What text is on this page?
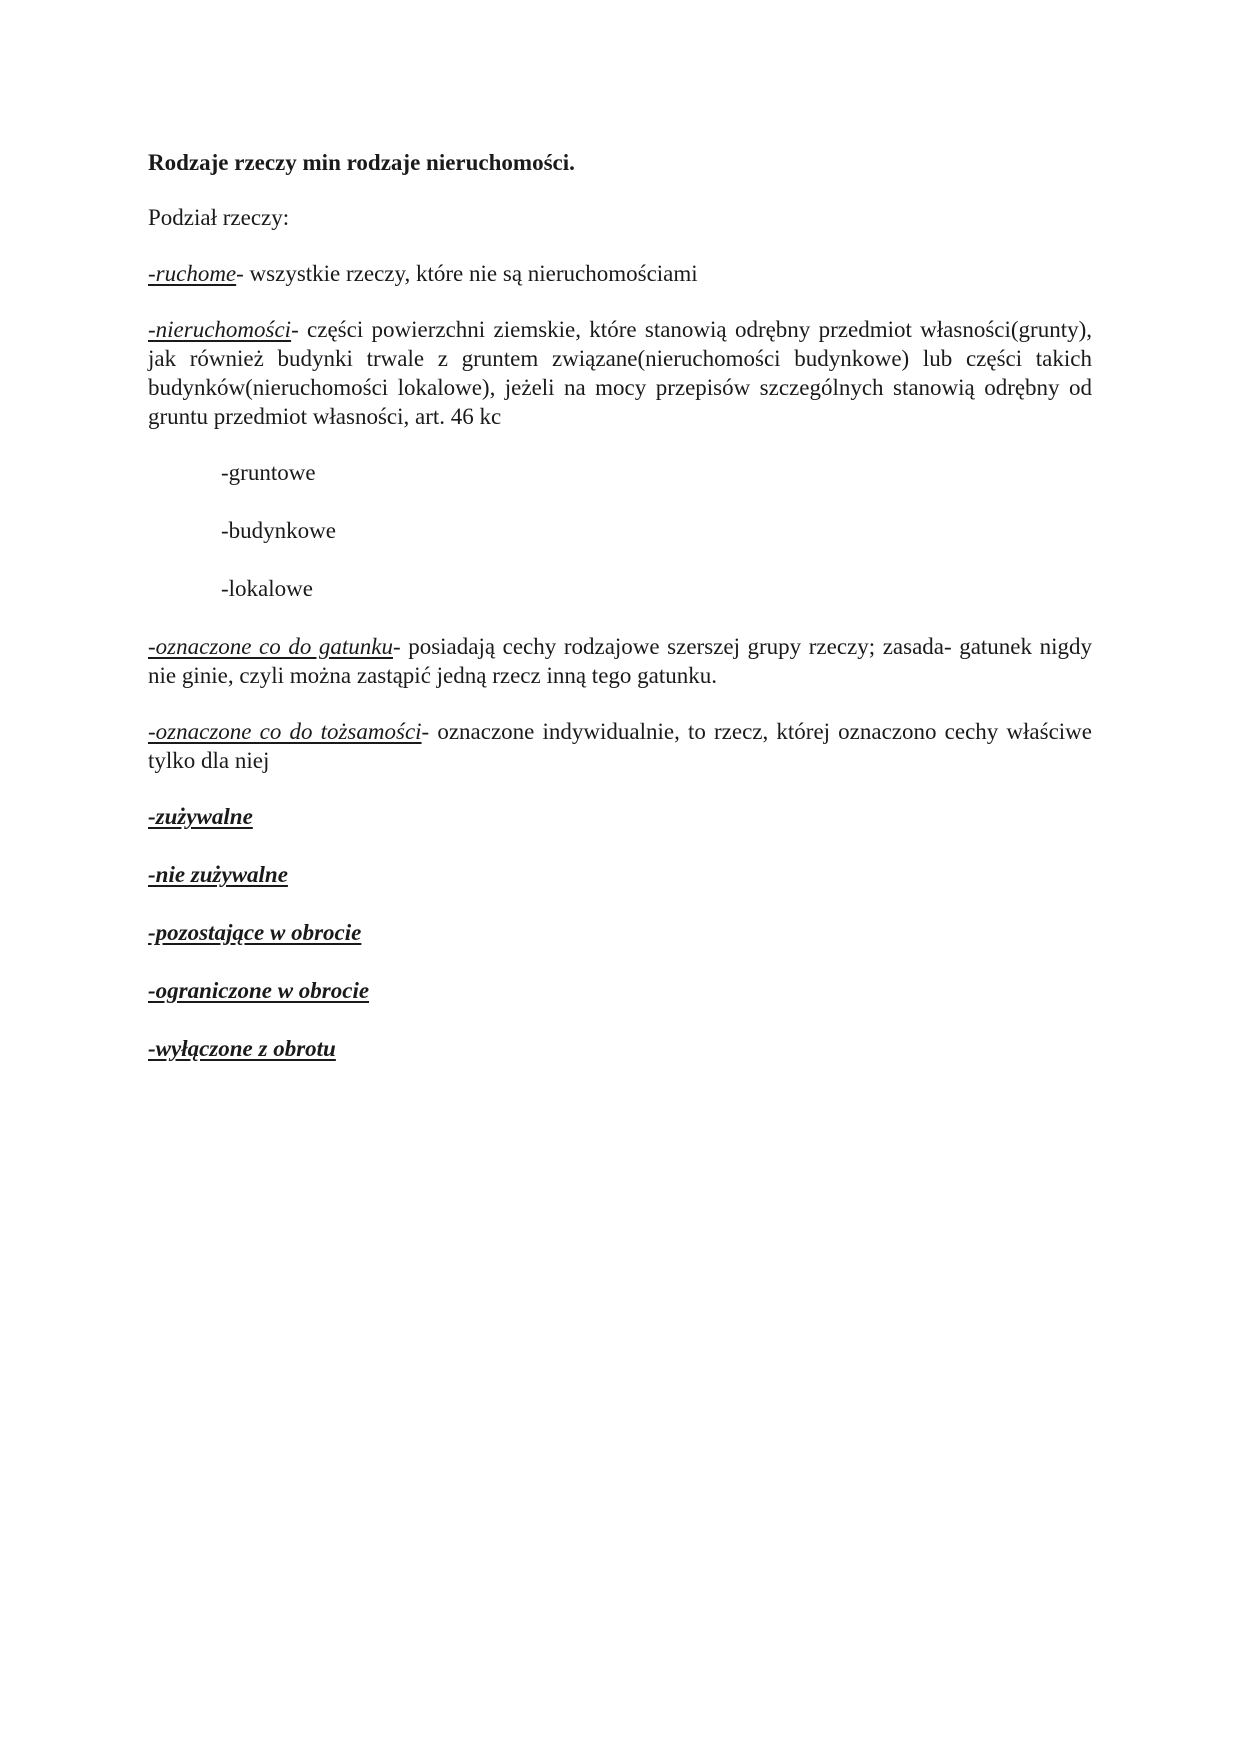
Rodzaje rzeczy min rodzaje nieruchomości.

Podział rzeczy:

-ruchome- wszystkie rzeczy, które nie są nieruchomościami

-nieruchomości- części powierzchni ziemskie, które stanowią odrębny przedmiot własności(grunty), jak również budynki trwale z gruntem związane(nieruchomości budynkowe) lub części takich budynków(nieruchomości lokalowe), jeżeli na mocy przepisów szczególnych stanowią odrębny od gruntu przedmiot własności, art. 46 kc

-gruntowe

-budynkowe

-lokalowe

-oznaczone co do gatunku- posiadają cechy rodzajowe szerszej grupy rzeczy; zasada- gatunek nigdy nie ginie, czyli można zastąpić jedną rzecz inną tego gatunku.

-oznaczone co do tożsamości- oznaczone indywidualnie, to rzecz, której oznaczono cechy właściwe tylko dla niej

-zużywalne

-nie zużywalne

-pozostające w obrocie

-ograniczone w obrocie

-wyłączone z obrotu
